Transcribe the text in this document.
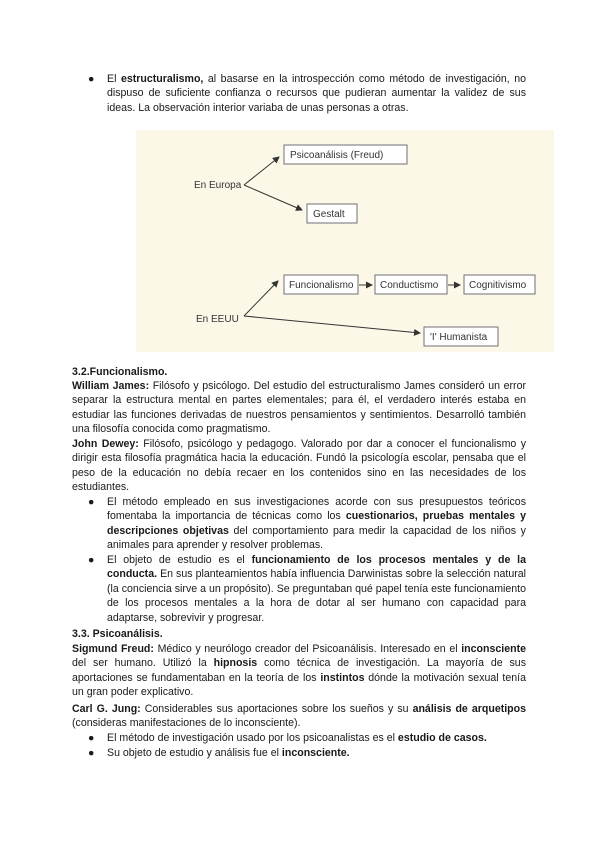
●	El estructuralismo, al basarse en la introspección como método de investigación, no dispuso de suficiente confianza o recursos que pudieran aumentar la validez de sus ideas. La observación interior variaba de unas personas a otras.

En Europa
En EEUU
Psicoanálisis (Freud)
Gestalt
Funcionalismo	Conductismo	Cognitivismo
'I' Humanista

3.2.Funcionalismo.

William James: Filósofo y psicólogo. Del estudio del estructuralismo James consideró un error separar la estructura mental en partes elementales; para él, el verdadero interés estaba en estudiar las funciones derivadas de nuestros pensamientos y sentimientos. Desarrolló también una filosofía conocida como pragmatismo.

John Dewey: Filósofo, psicólogo y pedagogo. Valorado por dar a conocer el funcionalismo y dirigir esta filosofía pragmática hacia la educación. Fundó la psicología escolar, pensaba que el peso de la educación no debía recaer en los contenidos sino en las necesidades de los estudiantes.

●	El método empleado en sus investigaciones acorde con sus presupuestos teóricos fomentaba la importancia de técnicas como los cuestionarios, pruebas mentales y descripciones objetivas del comportamiento para medir la capacidad de los niños y animales para aprender y resolver problemas.

●	El objeto de estudio es el funcionamiento de los procesos mentales y de la conducta. En sus planteamientos había influencia Darwinistas sobre la selección natural (la conciencia sirve a un propósito). Se preguntaban qué papel tenía este funcionamiento de los procesos mentales a la hora de dotar al ser humano con capacidad para adaptarse, sobrevivir y progresar.

3.3. Psicoanálisis.

Sigmund Freud: Médico y neurólogo creador del Psicoanálisis. Interesado en el inconsciente del ser humano. Utilizó la hipnosis como técnica de investigación. La mayoría de sus aportaciones se fundamentaban en la teoría de los instintos dónde la motivación sexual tenía un gran poder explicativo.

Carl G. Jung: Considerables sus aportaciones sobre los sueños y su análisis de arquetipos (consideras manifestaciones de lo inconsciente).

●	El método de investigación usado por los psicoanalistas es el estudio de casos.

●	Su objeto de estudio y análisis fue el inconsciente.
